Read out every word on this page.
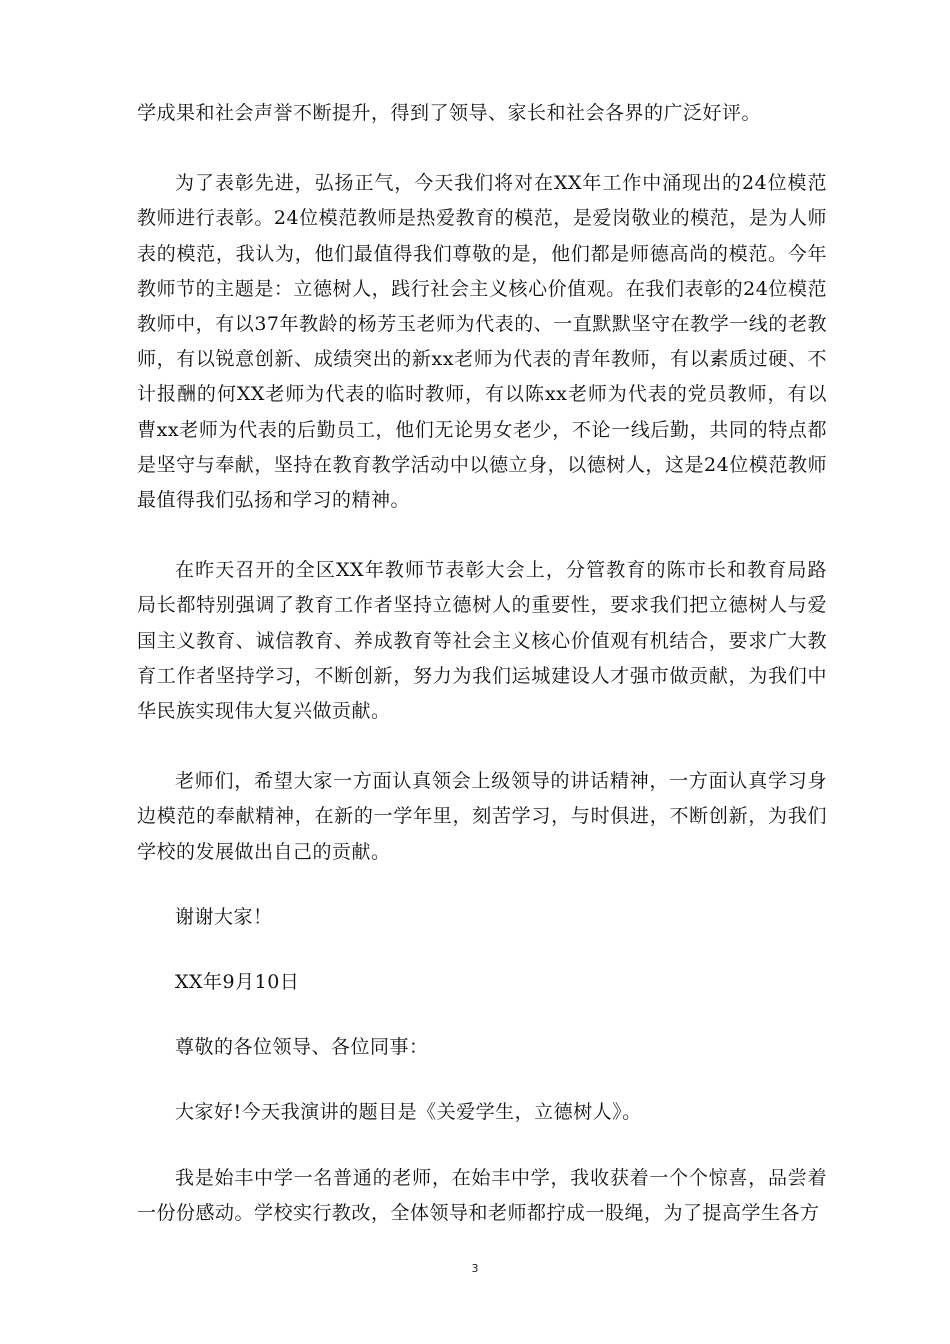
学成果和社会声誉不断提升，得到了领导、家长和社会各界的广泛好评。

为了表彰先进，弘扬正气，今天我们将对在XX年工作中涌现出的24位模范教师进行表彰。24位模范教师是热爱教育的模范，是爱岗敬业的模范，是为人师表的模范，我认为，他们最值得我们尊敬的是，他们都是师德高尚的模范。今年教师节的主题是：立德树人，践行社会主义核心价值观。在我们表彰的24位模范教师中，有以37年教龄的杨芳玉老师为代表的、一直默默坚守在教学一线的老教师，有以锐意创新、成绩突出的新xx老师为代表的青年教师，有以素质过硬、不计报酬的何XX老师为代表的临时教师，有以陈xx老师为代表的党员教师，有以曹xx老师为代表的后勤员工，他们无论男女老少，不论一线后勤，共同的特点都是坚守与奉献，坚持在教育教学活动中以德立身，以德树人，这是24位模范教师最值得我们弘扬和学习的精神。

在昨天召开的全区XX年教师节表彰大会上，分管教育的陈市长和教育局路局长都特别强调了教育工作者坚持立德树人的重要性，要求我们把立德树人与爱国主义教育、诚信教育、养成教育等社会主义核心价值观有机结合，要求广大教育工作者坚持学习，不断创新，努力为我们运城建设人才强市做贡献，为我们中华民族实现伟大复兴做贡献。

老师们，希望大家一方面认真领会上级领导的讲话精神，一方面认真学习身边模范的奉献精神，在新的一学年里，刻苦学习，与时俱进，不断创新，为我们学校的发展做出自己的贡献。

谢谢大家！

XX年9月10日

尊敬的各位领导、各位同事：

大家好!今天我演讲的题目是《关爱学生，立德树人》。

我是始丰中学一名普通的老师，在始丰中学，我收获着一个个惊喜，品尝着一份份感动。学校实行教改，全体领导和老师都拧成一股绳，为了提高学生各方

3
